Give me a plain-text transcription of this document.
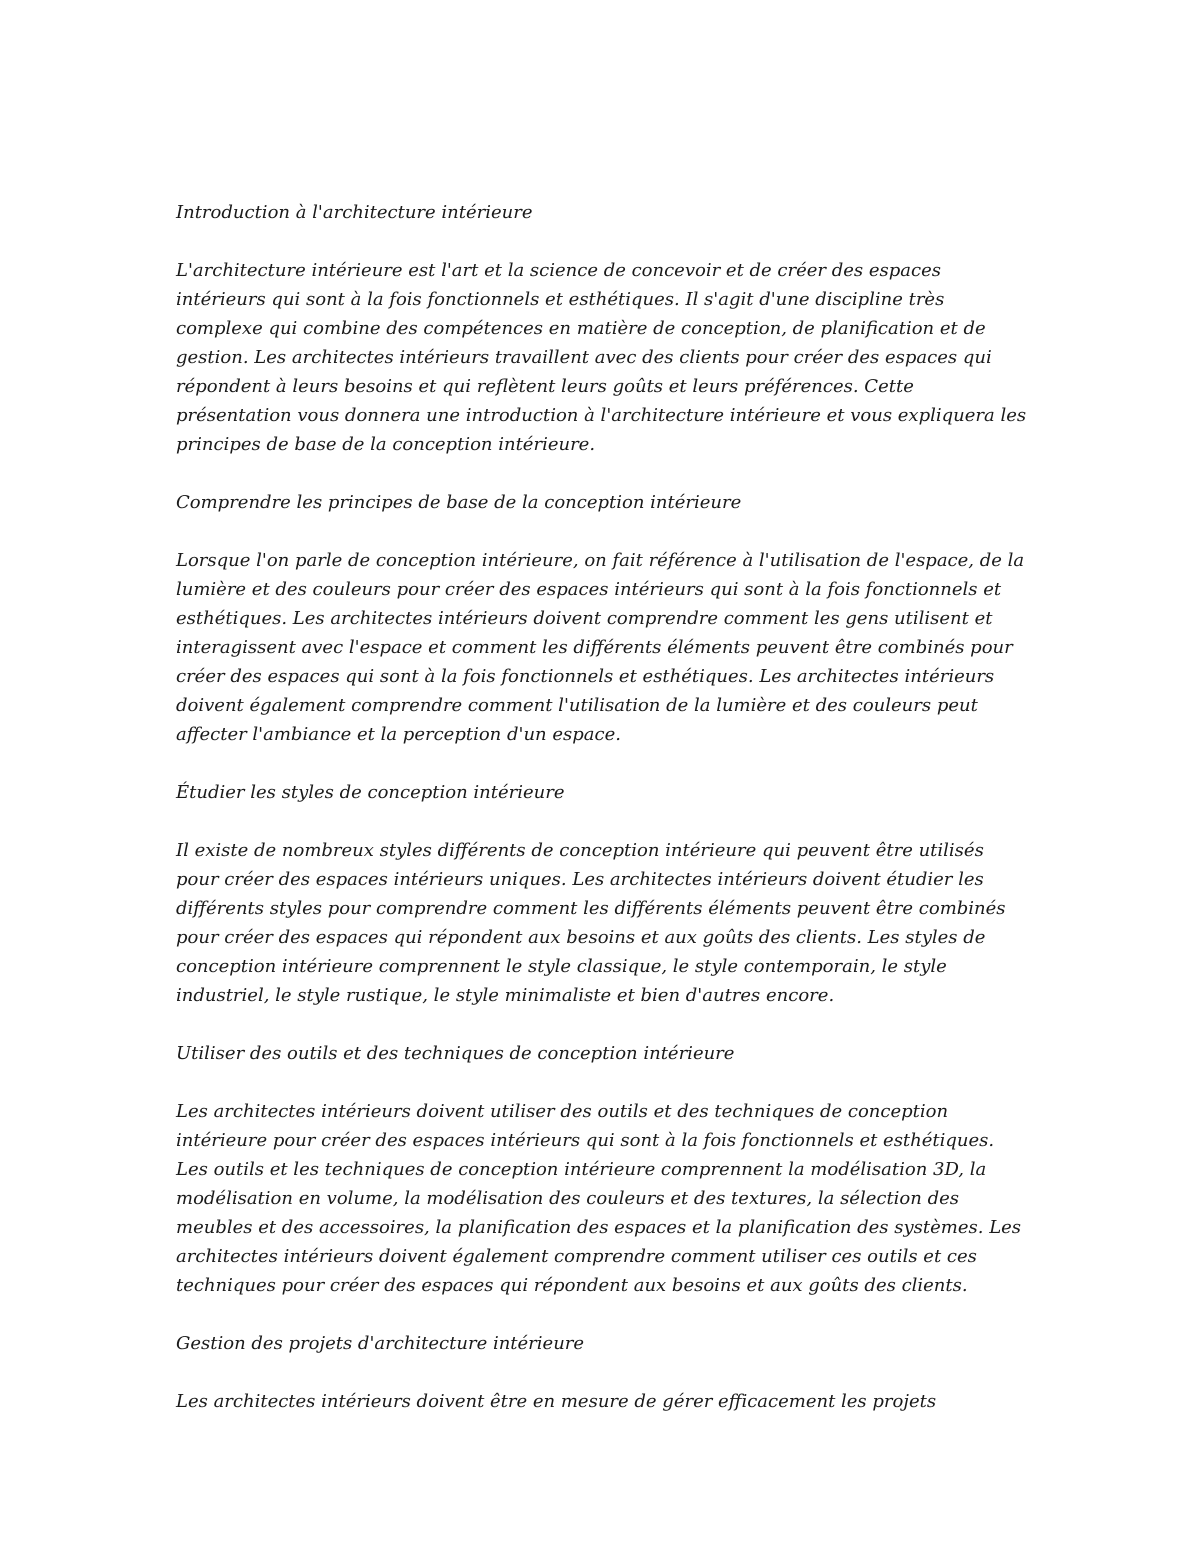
Introduction à l'architecture intérieure

L'architecture intérieure est l'art et la science de concevoir et de créer des espaces intérieurs qui sont à la fois fonctionnels et esthétiques. Il s'agit d'une discipline très complexe qui combine des compétences en matière de conception, de planification et de gestion. Les architectes intérieurs travaillent avec des clients pour créer des espaces qui répondent à leurs besoins et qui reflètent leurs goûts et leurs préférences. Cette présentation vous donnera une introduction à l'architecture intérieure et vous expliquera les principes de base de la conception intérieure.

Comprendre les principes de base de la conception intérieure

Lorsque l'on parle de conception intérieure, on fait référence à l'utilisation de l'espace, de la lumière et des couleurs pour créer des espaces intérieurs qui sont à la fois fonctionnels et esthétiques. Les architectes intérieurs doivent comprendre comment les gens utilisent et interagissent avec l'espace et comment les différents éléments peuvent être combinés pour créer des espaces qui sont à la fois fonctionnels et esthétiques. Les architectes intérieurs doivent également comprendre comment l'utilisation de la lumière et des couleurs peut affecter l'ambiance et la perception d'un espace.

Étudier les styles de conception intérieure

Il existe de nombreux styles différents de conception intérieure qui peuvent être utilisés pour créer des espaces intérieurs uniques. Les architectes intérieurs doivent étudier les différents styles pour comprendre comment les différents éléments peuvent être combinés pour créer des espaces qui répondent aux besoins et aux goûts des clients. Les styles de conception intérieure comprennent le style classique, le style contemporain, le style industriel, le style rustique, le style minimaliste et bien d'autres encore.

Utiliser des outils et des techniques de conception intérieure

Les architectes intérieurs doivent utiliser des outils et des techniques de conception intérieure pour créer des espaces intérieurs qui sont à la fois fonctionnels et esthétiques. Les outils et les techniques de conception intérieure comprennent la modélisation 3D, la modélisation en volume, la modélisation des couleurs et des textures, la sélection des meubles et des accessoires, la planification des espaces et la planification des systèmes. Les architectes intérieurs doivent également comprendre comment utiliser ces outils et ces techniques pour créer des espaces qui répondent aux besoins et aux goûts des clients.

Gestion des projets d'architecture intérieure

Les architectes intérieurs doivent être en mesure de gérer efficacement les projets
